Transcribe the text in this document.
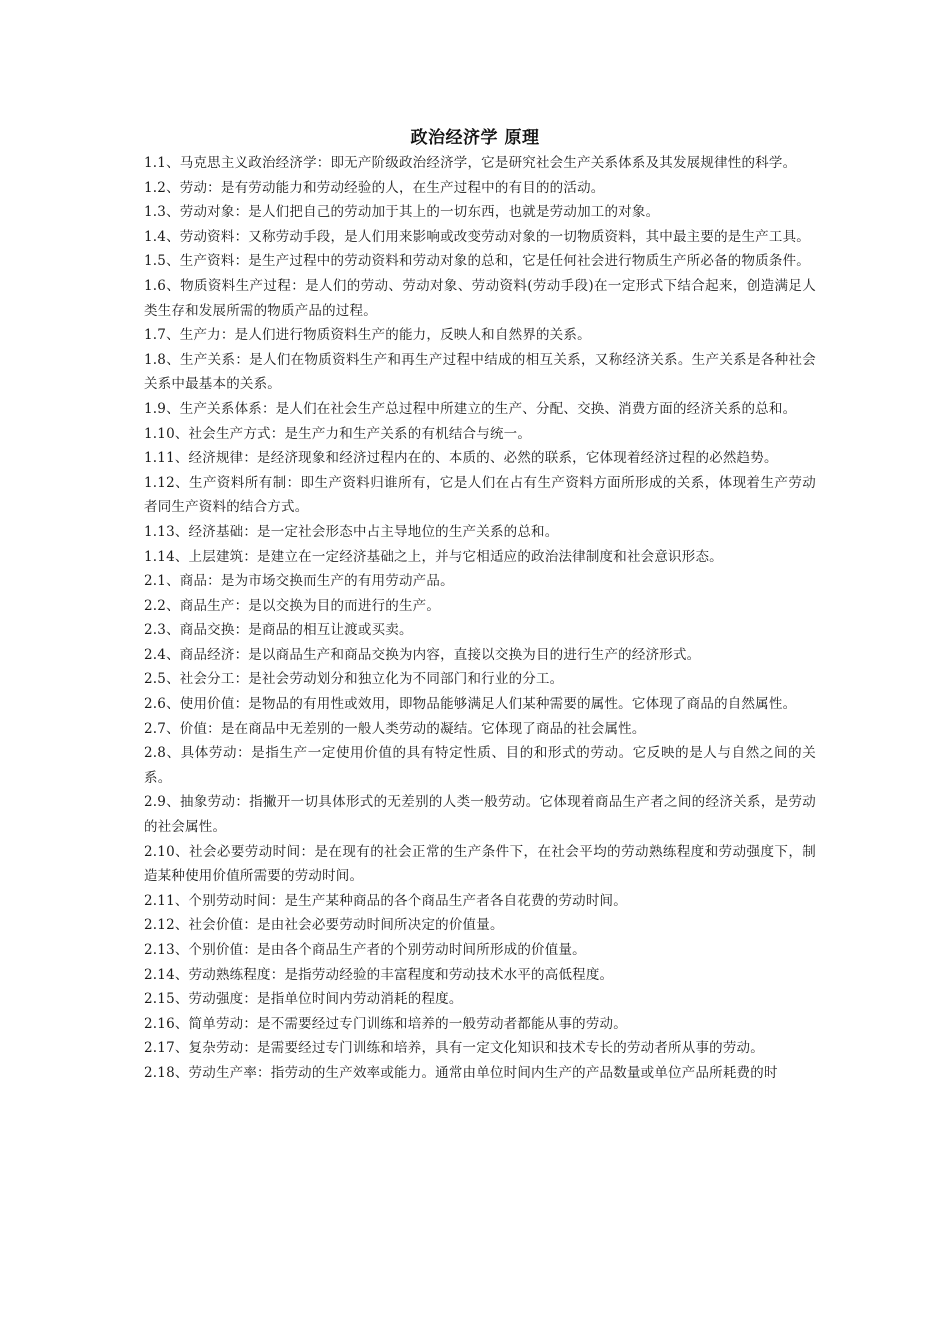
政治经济学 原理

1.1、马克思主义政治经济学：即无产阶级政治经济学，它是研究社会生产关系体系及其发展规律性的科学。

1.2、劳动：是有劳动能力和劳动经验的人，在生产过程中的有目的的活动。

1.3、劳动对象：是人们把自己的劳动加于其上的一切东西，也就是劳动加工的对象。

1.4、劳动资料：又称劳动手段，是人们用来影响或改变劳动对象的一切物质资料，其中最主要的是生产工具。

1.5、生产资料：是生产过程中的劳动资料和劳动对象的总和，它是任何社会进行物质生产所必备的物质条件。

1.6、物质资料生产过程：是人们的劳动、劳动对象、劳动资料(劳动手段)在一定形式下结合起来，创造满足人类生存和发展所需的物质产品的过程。

1.7、生产力：是人们进行物质资料生产的能力，反映人和自然界的关系。

1.8、生产关系：是人们在物质资料生产和再生产过程中结成的相互关系，又称经济关系。生产关系是各种社会关系中最基本的关系。

1.9、生产关系体系：是人们在社会生产总过程中所建立的生产、分配、交换、消费方面的经济关系的总和。

1.10、社会生产方式：是生产力和生产关系的有机结合与统一。

1.11、经济规律：是经济现象和经济过程内在的、本质的、必然的联系，它体现着经济过程的必然趋势。

1.12、生产资料所有制：即生产资料归谁所有，它是人们在占有生产资料方面所形成的关系，体现着生产劳动者同生产资料的结合方式。

1.13、经济基础：是一定社会形态中占主导地位的生产关系的总和。

1.14、上层建筑：是建立在一定经济基础之上，并与它相适应的政治法律制度和社会意识形态。

2.1、商品：是为市场交换而生产的有用劳动产品。

2.2、商品生产：是以交换为目的而进行的生产。

2.3、商品交换：是商品的相互让渡或买卖。

2.4、商品经济：是以商品生产和商品交换为内容，直接以交换为目的进行生产的经济形式。

2.5、社会分工：是社会劳动划分和独立化为不同部门和行业的分工。

2.6、使用价值：是物品的有用性或效用，即物品能够满足人们某种需要的属性。它体现了商品的自然属性。

2.7、价值：是在商品中无差别的一般人类劳动的凝结。它体现了商品的社会属性。

2.8、具体劳动：是指生产一定使用价值的具有特定性质、目的和形式的劳动。它反映的是人与自然之间的关系。

2.9、抽象劳动：指撇开一切具体形式的无差别的人类一般劳动。它体现着商品生产者之间的经济关系，是劳动的社会属性。

2.10、社会必要劳动时间：是在现有的社会正常的生产条件下，在社会平均的劳动熟练程度和劳动强度下，制造某种使用价值所需要的劳动时间。

2.11、个别劳动时间：是生产某种商品的各个商品生产者各自花费的劳动时间。

2.12、社会价值：是由社会必要劳动时间所决定的价值量。

2.13、个别价值：是由各个商品生产者的个别劳动时间所形成的价值量。

2.14、劳动熟练程度：是指劳动经验的丰富程度和劳动技术水平的高低程度。

2.15、劳动强度：是指单位时间内劳动消耗的程度。

2.16、简单劳动：是不需要经过专门训练和培养的一般劳动者都能从事的劳动。

2.17、复杂劳动：是需要经过专门训练和培养，具有一定文化知识和技术专长的劳动者所从事的劳动。

2.18、劳动生产率：指劳动的生产效率或能力。通常由单位时间内生产的产品数量或单位产品所耗费的时
